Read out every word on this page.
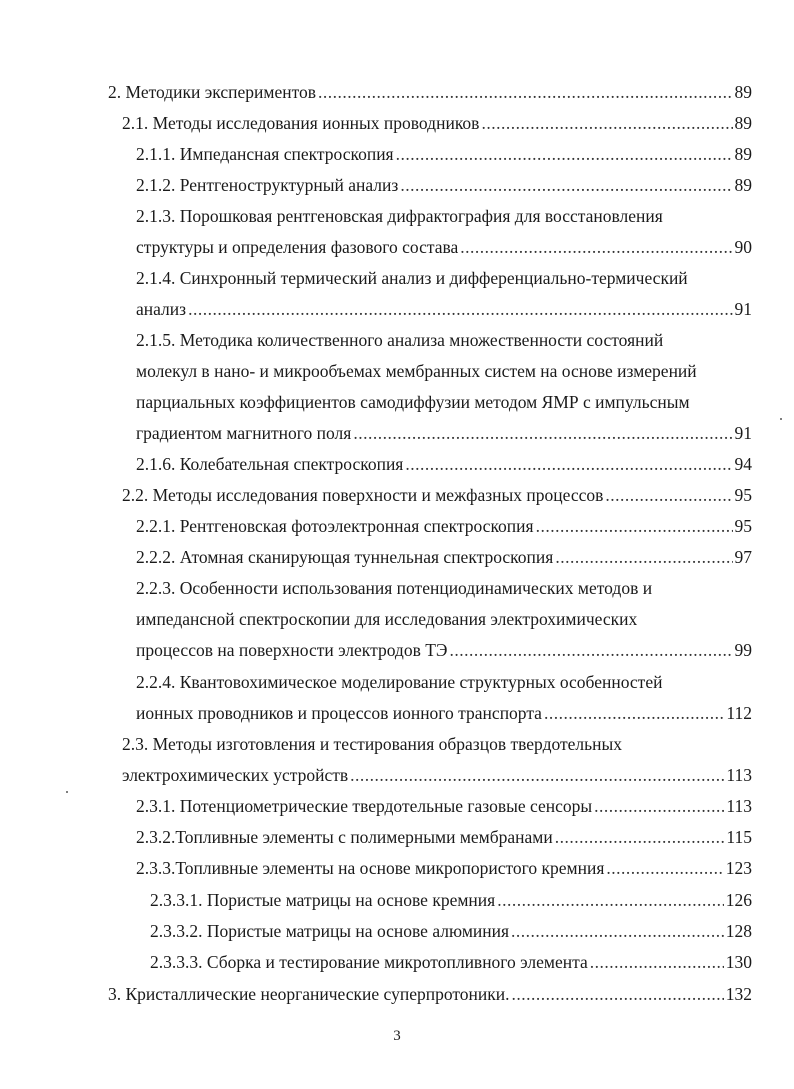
2. Методики экспериментов .....	89
2.1. Методы исследования ионных проводников .....	89
2.1.1. Импедансная спектроскопия .....	89
2.1.2. Рентгеноструктурный анализ .....	89
2.1.3. Порошковая рентгеновская дифрактография для восстановления
структуры и определения фазового состава .....	90
2.1.4. Синхронный термический анализ и дифференциально-термический
анализ .....	91
2.1.5. Методика количественного анализа множественности состояний
молекул в нано- и микрообъемах мембранных систем на основе измерений
парциальных коэффициентов самодиффузии методом ЯМР с импульсным
градиентом магнитного поля .....	91
2.1.6. Колебательная спектроскопия .....	94
2.2. Методы исследования поверхности и межфазных процессов .....	95
2.2.1. Рентгеновская фотоэлектронная спектроскопия .....	95
2.2.2. Атомная сканирующая туннельная спектроскопия .....	97
2.2.3. Особенности использования потенциодинамических методов и
импедансной спектроскопии для исследования электрохимических
процессов на поверхности электродов ТЭ .....	99
2.2.4. Квантовохимическое моделирование структурных особенностей
ионных проводников и процессов ионного транспорта .....	112
2.3. Методы изготовления и тестирования образцов твердотельных
электрохимических устройств .....	113
2.3.1. Потенциометрические твердотельные газовые сенсоры .....	113
2.3.2.Топливные элементы с полимерными мембранами .....	115
2.3.3.Топливные элементы на основе микропористого кремния .....	123
2.3.3.1. Пористые матрицы на основе кремния .....	126
2.3.3.2. Пористые матрицы на основе алюминия .....	128
2.3.3.3. Сборка и тестирование микротопливного элемента .....	130
3. Кристаллические неорганические суперпротоники. .....	132
3
